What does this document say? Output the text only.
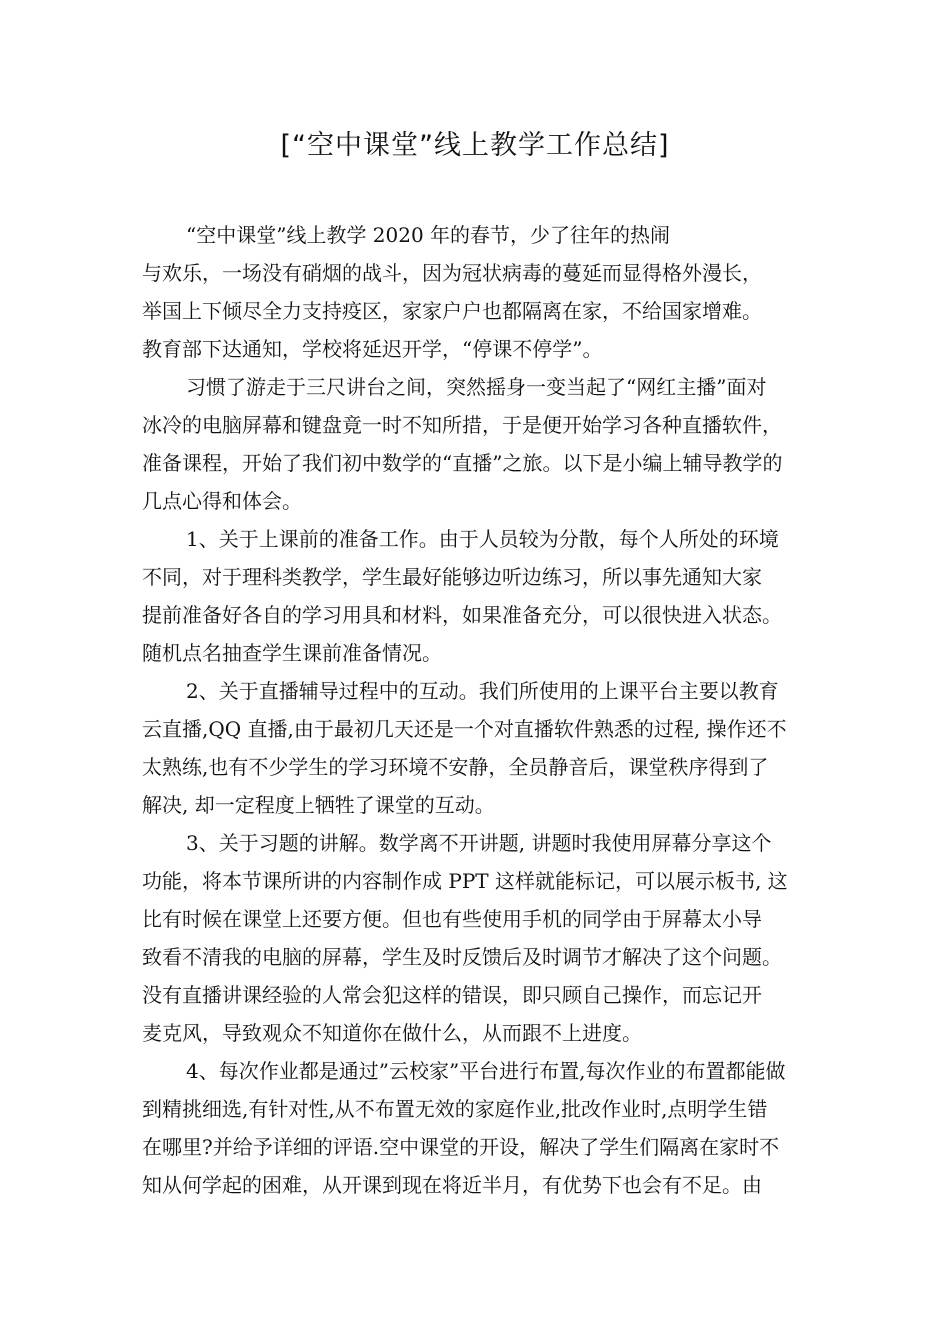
[“空中课堂”线上教学工作总结]
“空中课堂”线上教学 2020 年的春节，少了往年的热闹
与欢乐，一场没有硝烟的战斗，因为冠状病毒的蔓延而显得格外漫长，
举国上下倾尽全力支持疫区，家家户户也都隔离在家，不给国家增难。
教育部下达通知，学校将延迟开学，“停课不停学”。
习惯了游走于三尺讲台之间，突然摇身一变当起了“网红主播”面对
冰冷的电脑屏幕和键盘竟一时不知所措，于是便开始学习各种直播软件，
准备课程，开始了我们初中数学的“直播”之旅。以下是小编上辅导教学的
几点心得和体会。
1、关于上课前的准备工作。由于人员较为分散，每个人所处的环境
不同，对于理科类教学，学生最好能够边听边练习，所以事先通知大家
提前准备好各自的学习用具和材料，如果准备充分，可以很快进入状态。
随机点名抽查学生课前准备情况。
2、关于直播辅导过程中的互动。我们所使用的上课平台主要以教育
云直播,QQ 直播,由于最初几天还是一个对直播软件熟悉的过程, 操作还不
太熟练,也有不少学生的学习环境不安静，全员静音后，课堂秩序得到了
解决, 却一定程度上牺牲了课堂的互动。
3、关于习题的讲解。数学离不开讲题, 讲题时我使用屏幕分享这个
功能，将本节课所讲的内容制作成 PPT 这样就能标记，可以展示板书, 这
比有时候在课堂上还要方便。但也有些使用手机的同学由于屏幕太小导
致看不清我的电脑的屏幕，学生及时反馈后及时调节才解决了这个问题。
没有直播讲课经验的人常会犯这样的错误，即只顾自己操作，而忘记开
麦克风，导致观众不知道你在做什么，从而跟不上进度。
4、每次作业都是通过”云校家”平台进行布置,每次作业的布置都能做
到精挑细选,有针对性,从不布置无效的家庭作业,批改作业时,点明学生错
在哪里?并给予详细的评语.空中课堂的开设，解决了学生们隔离在家时不
知从何学起的困难，从开课到现在将近半月，有优势下也会有不足。由
